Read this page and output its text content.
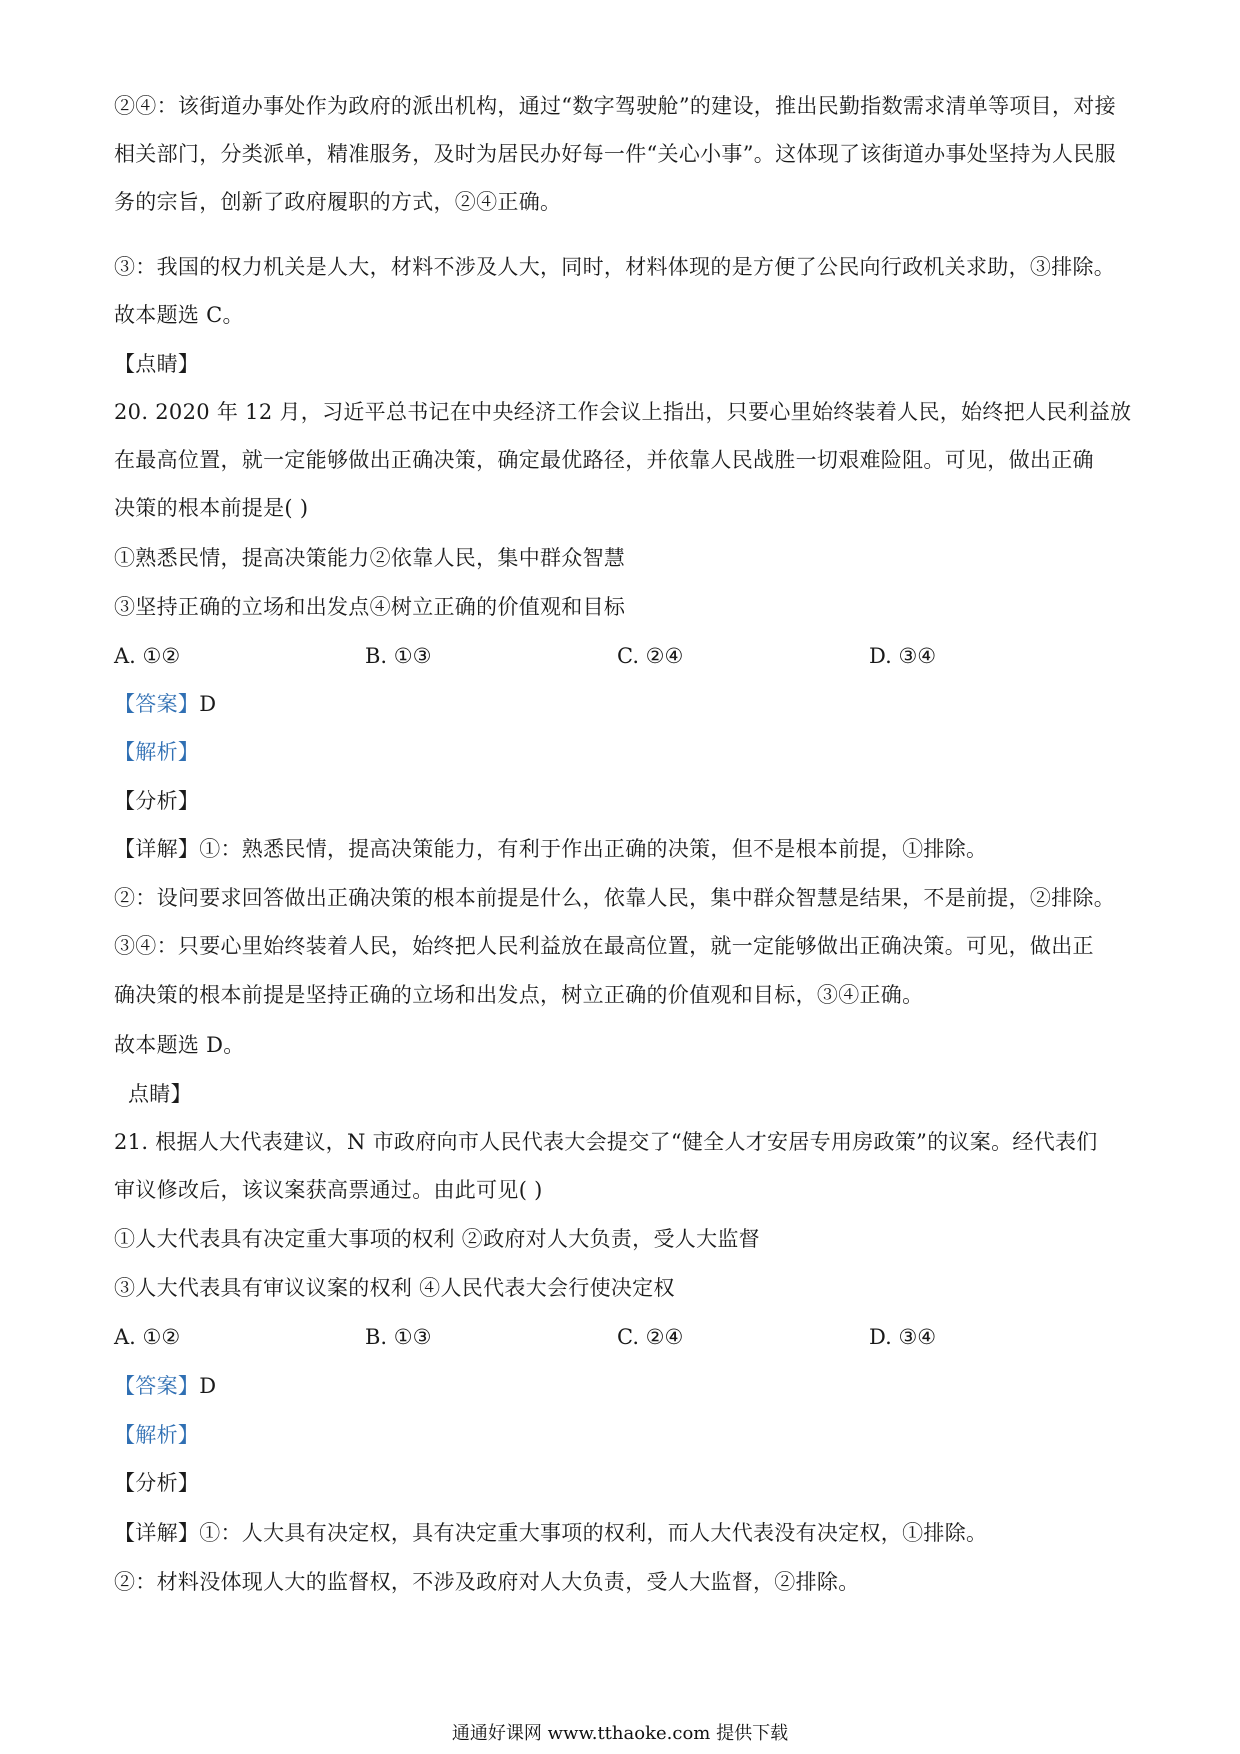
②④：该街道办事处作为政府的派出机构，通过“数字驾驶舱”的建设，推出民勤指数需求清单等项目，对接
相关部门，分类派单，精准服务，及时为居民办好每一件“关心小事”。这体现了该街道办事处坚持为人民服
务的宗旨，创新了政府履职的方式，②④正确。
③：我国的权力机关是人大，材料不涉及人大，同时，材料体现的是方便了公民向行政机关求助，③排除。
故本题选 C。
【点睛】
20. 2020 年 12 月，习近平总书记在中央经济工作会议上指出，只要心里始终装着人民，始终把人民利益放
在最高位置，就一定能够做出正确决策，确定最优路径，并依靠人民战胜一切艰难险阻。可见，做出正确
决策的根本前提是( )
①熟悉民情，提高决策能力②依靠人民，集中群众智慧
③坚持正确的立场和出发点④树立正确的价值观和目标
A. ①②	B. ①③	C. ②④	D. ③④
【答案】D
【解析】
【分析】
【详解】①：熟悉民情，提高决策能力，有利于作出正确的决策，但不是根本前提，①排除。
②：设问要求回答做出正确决策的根本前提是什么，依靠人民，集中群众智慧是结果，不是前提，②排除。
③④：只要心里始终装着人民，始终把人民利益放在最高位置，就一定能够做出正确决策。可见，做出正
确决策的根本前提是坚持正确的立场和出发点，树立正确的价值观和目标，③④正确。
故本题选 D。
点睛】
21. 根据人大代表建议，N 市政府向市人民代表大会提交了“健全人才安居专用房政策”的议案。经代表们
审议修改后，该议案获高票通过。由此可见( )
①人大代表具有决定重大事项的权利 ②政府对人大负责，受人大监督
③人大代表具有审议议案的权利 ④人民代表大会行使决定权
A. ①②	B. ①③	C. ②④	D. ③④
【答案】D
【解析】
【分析】
【详解】①：人大具有决定权，具有决定重大事项的权利，而人大代表没有决定权，①排除。
②：材料没体现人大的监督权，不涉及政府对人大负责，受人大监督，②排除。
通通好课网 www.tthaoke.com 提供下载
